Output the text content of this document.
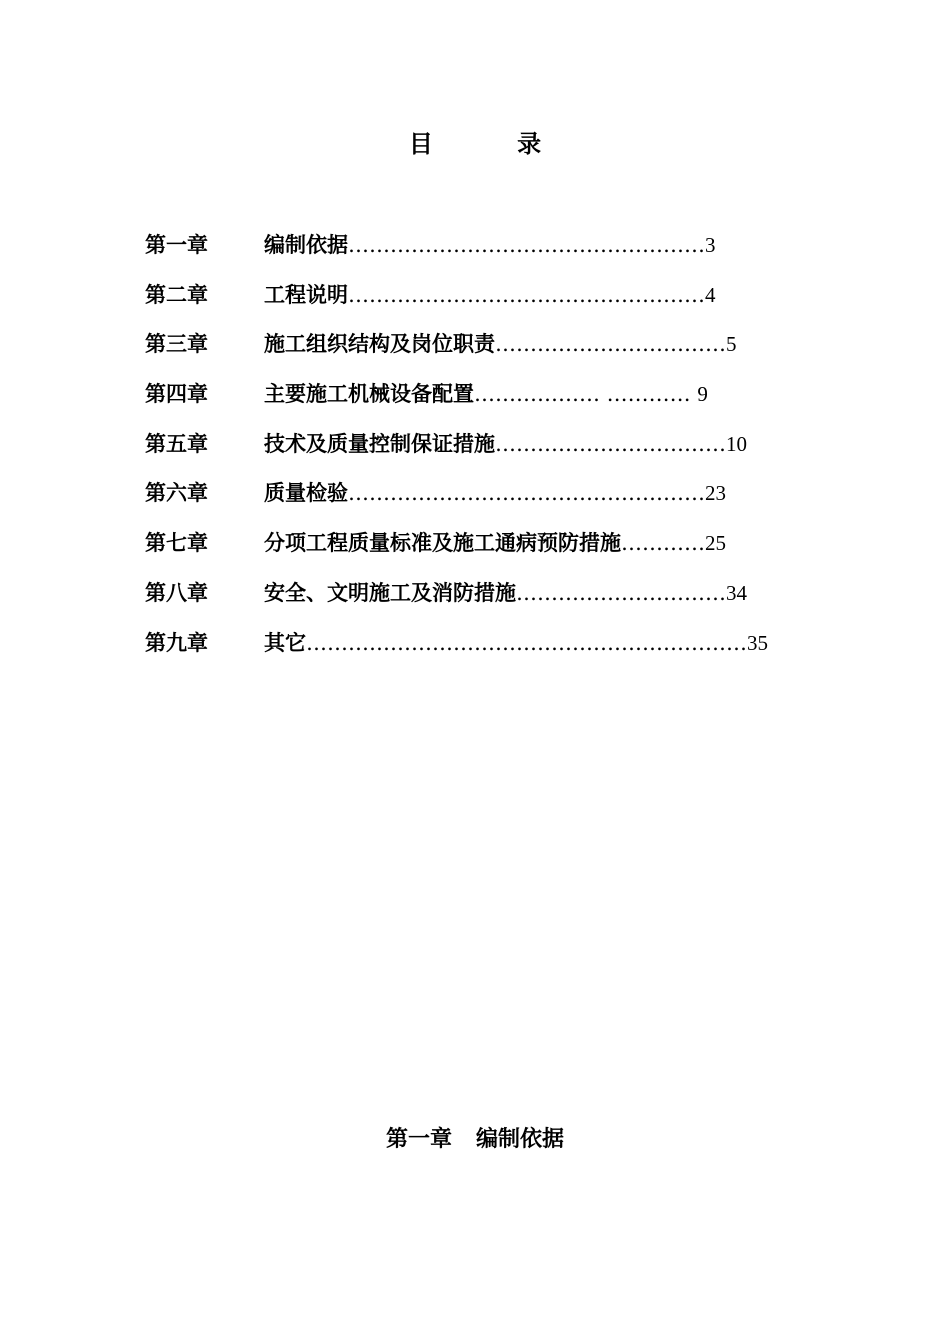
目 录
第一章	编制依据……………………………………………3
第二章	工程说明……………………………………………4
第三章	施工组织结构及岗位职责……………………………5
第四章	主要施工机械设备配置……………… ………… 9
第五章	技术及质量控制保证措施……………………………10
第六章	质量检验……………………………………………23
第七章	分项工程质量标准及施工通病预防措施…………25
第八章	安全、文明施工及消防措施…………………………34
第九章	其它………………………………………………………35
第一章 编制依据
